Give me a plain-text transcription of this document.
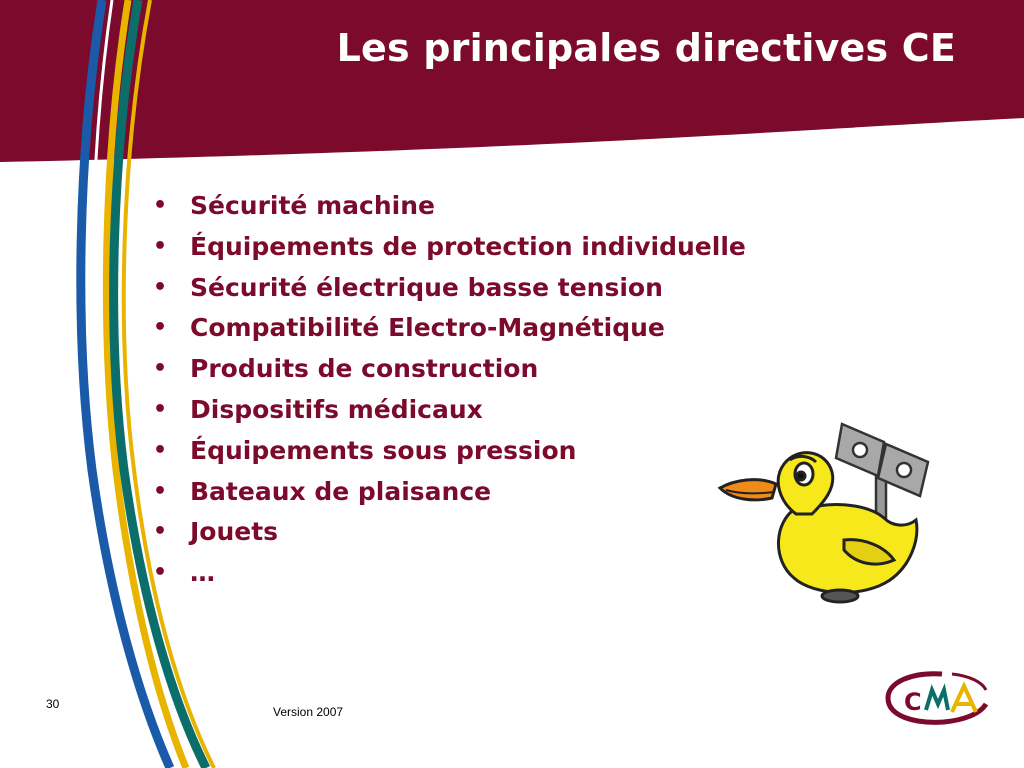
Les principales directives CE
• Sécurité machine
• Équipements de protection individuelle
• Sécurité électrique basse tension
• Compatibilité Electro-Magnétique
• Produits de construction
• Dispositifs médicaux
• Équipements sous pression
• Bateaux de plaisance
• Jouets
• …
30
Version 2007	C
